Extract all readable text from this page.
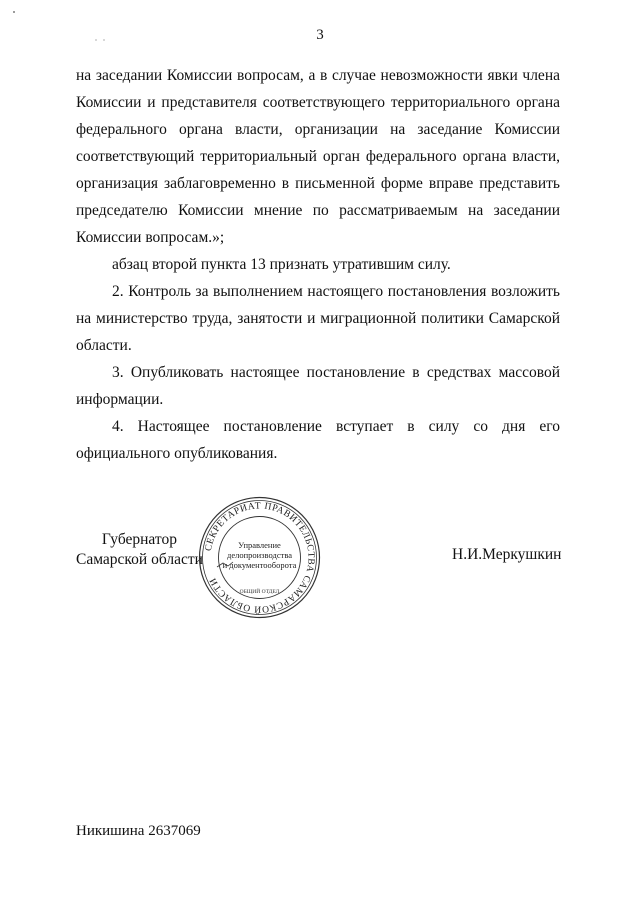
3

на заседании Комиссии вопросам, а в случае невозможности явки члена Комиссии и представителя соответствующего территориального органа федерального органа власти, организации на заседание Комиссии соответствующий территориальный орган федерального органа власти, организация заблаговременно в письменной форме вправе представить председателю Комиссии мнение по рассматриваемым на заседании Комиссии вопросам.»;

абзац второй пункта 13 признать утратившим силу.

2. Контроль за выполнением настоящего постановления возложить на министерство труда, занятости и миграционной политики Самарской области.

3. Опубликовать настоящее постановление в средствах массовой информации.

4. Настоящее постановление вступает в силу со дня его официального опубликования.

Губернатор
Самарской области
СЕКРЕТАРИАТ ПРАВИТЕЛЬСТВА САМАРСКОЙ ОБЛАСТИ
Управление
делопроизводства
и документооборота
ОБЩИЙ ОТДЕЛ
Н.И.Меркушкин
Никишина 2637069
